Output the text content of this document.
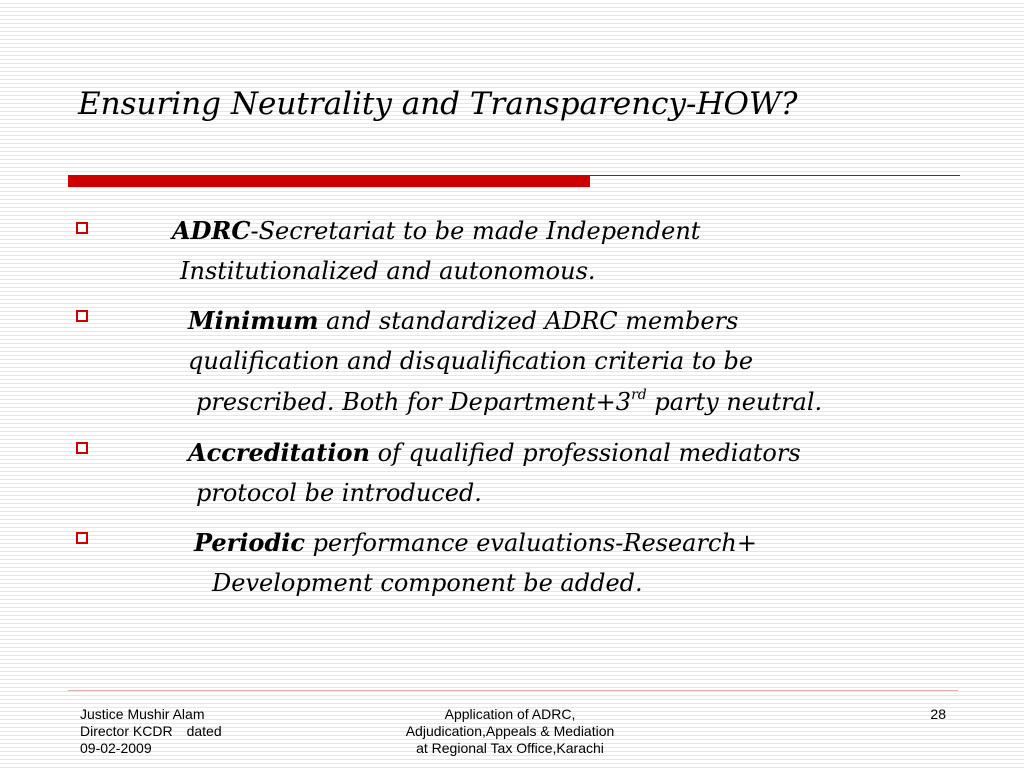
Ensuring Neutrality and Transparency-HOW?
ADRC-Secretariat to be made Independent
Institutionalized and autonomous.
Minimum and standardized ADRC members
qualification and disqualification criteria to be
prescribed. Both for Department+3rd party neutral.
Accreditation of qualified professional mediators
protocol be introduced.
Periodic performance evaluations-Research+
Development component be added.
Justice Mushir Alam
Director KCDR dated
09-02-2009
Application of ADRC,
Adjudication,Appeals & Mediation
at Regional Tax Office,Karachi
28
